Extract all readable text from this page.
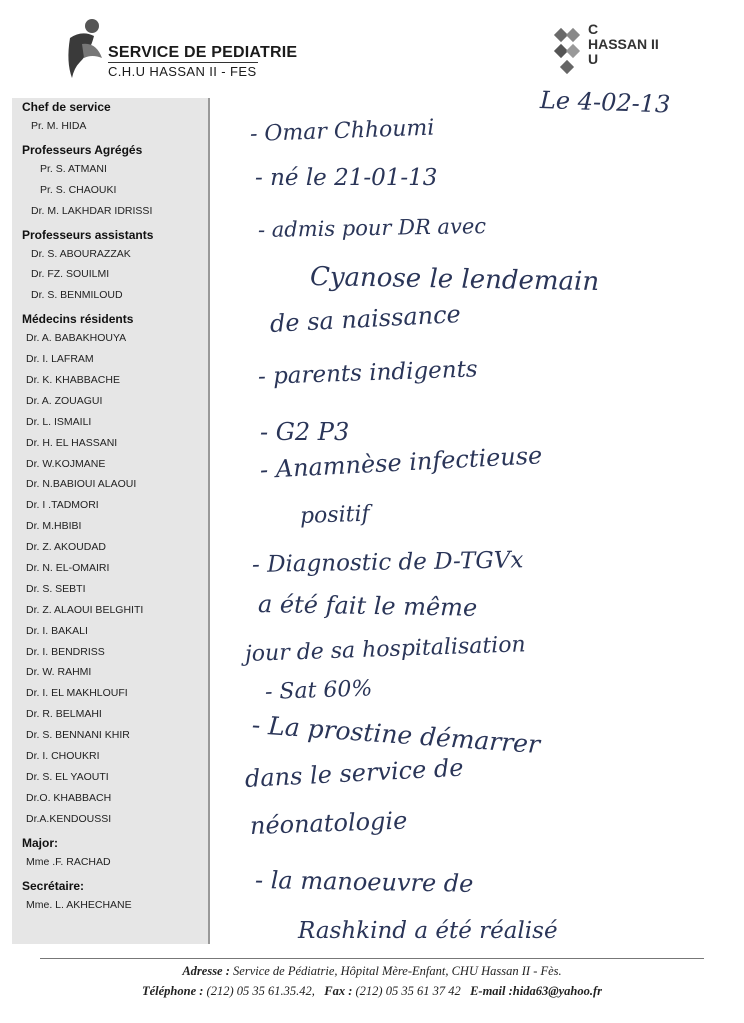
SERVICE DE PEDIATRIE
C.H.U HASSAN II - FES
C
HASSAN II
U
Chef de service
Pr. M. HIDA
Professeurs Agrégés
Pr. S. ATMANI
Pr. S. CHAOUKI
Dr. M. LAKHDAR IDRISSI
Professeurs assistants
Dr. S. ABOURAZZAK
Dr. FZ. SOUILMI
Dr. S. BENMILOUD
Médecins résidents
Dr. A. BABAKHOUYA
Dr. I. LAFRAM
Dr. K. KHABBACHE
Dr. A. ZOUAGUI
Dr. L. ISMAILI
Dr. H. EL HASSANI
Dr. W.KOJMANE
Dr. N.BABIOUI ALAOUI
Dr. I .TADMORI
Dr. M.HBIBI
Dr. Z. AKOUDAD
Dr. N. EL-OMAIRI
Dr. S. SEBTI
Dr. Z. ALAOUI BELGHITI
Dr. I. BAKALI
Dr. I. BENDRISS
Dr. W. RAHMI
Dr. I. EL MAKHLOUFI
Dr. R. BELMAHI
Dr. S. BENNANI KHIR
Dr. I. CHOUKRI
Dr. S. EL YAOUTI
Dr.O. KHABBACH
Dr.A.KENDOUSSI
Major:
Mme .F. RACHAD
Secrétaire:
Mme. L. AKHECHANE
Le 4-02-13
- Omar Chhoumi
- né le 21-01-13
- admis pour DR avec
Cyanose le lendemain
de sa naissance
- parents indigents
- G2 P3
- Anamnèse infectieuse
positif
- Diagnostic de D-TGVx
a été fait le même
jour de sa hospitalisation
- Sat 60%
- La prostine démarrer
dans le service de
néonatologie
- la manoeuvre de
Rashkind a été réalisé
Adresse : Service de Pédiatrie, Hôpital Mère-Enfant, CHU Hassan II - Fès.
Téléphone : (212) 05 35 61.35.42, Fax : (212) 05 35 61 37 42 E-mail :hida63@yahoo.fr
